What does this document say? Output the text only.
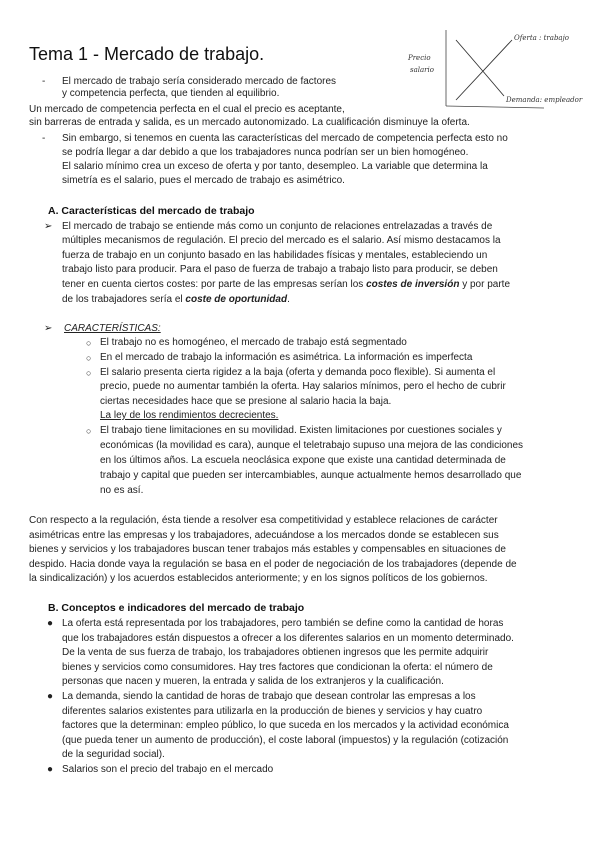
Tema 1 - Mercado de trabajo.	Precio
salario
Oferta : trabajo
Demanda: empleador
- El mercado de trabajo sería considerado mercado de factores

y competencia perfecta, que tienden al equilibrio.

Un mercado de competencia perfecta en el cual el precio es aceptante,

sin barreras de entrada y salida, es un mercado autonomizado. La cualificación disminuye la oferta.

- Sin embargo, si tenemos en cuenta las características del mercado de competencia perfecta esto no

se podría llegar a dar debido a que los trabajadores nunca podrían ser un bien homogéneo.

El salario mínimo crea un exceso de oferta y por tanto, desempleo. La variable que determina la

simetría es el salario, pues el mercado de trabajo es asimétrico.

A. Características del mercado de trabajo
➢ El mercado de trabajo se entiende más como un conjunto de relaciones entrelazadas a través de

múltiples mecanismos de regulación. El precio del mercado es el salario. Así mismo destacamos la

fuerza de trabajo en un conjunto basado en las habilidades físicas y mentales, estableciendo un

trabajo listo para producir. Para el paso de fuerza de trabajo a trabajo listo para producir, se deben

tener en cuenta ciertos costes: por parte de las empresas serían los costes de inversión y por parte

de los trabajadores sería el coste de oportunidad.

➢ CARACTERÍSTICAS:

○ El trabajo no es homogéneo, el mercado de trabajo está segmentado

○ En el mercado de trabajo la información es asimétrica. La información es imperfecta

○ El salario presenta cierta rigidez a la baja (oferta y demanda poco flexible). Si aumenta el

precio, puede no aumentar también la oferta. Hay salarios mínimos, pero el hecho de cubrir

ciertas necesidades hace que se presione al salario hacia la baja.

La ley de los rendimientos decrecientes.

○ El trabajo tiene limitaciones en su movilidad. Existen limitaciones por cuestiones sociales y

económicas (la movilidad es cara), aunque el teletrabajo supuso una mejora de las condiciones

en los últimos años. La escuela neoclásica expone que existe una cantidad determinada de

trabajo y capital que pueden ser intercambiables, aunque actualmente hemos desarrollado que

no es así.

Con respecto a la regulación, ésta tiende a resolver esa competitividad y establece relaciones de carácter

asimétricas entre las empresas y los trabajadores, adecuándose a los mercados donde se establecen sus

bienes y servicios y los trabajadores buscan tener trabajos más estables y compensables en situaciones de

despido. Hacia donde vaya la regulación se basa en el poder de negociación de los trabajadores (depende de

la sindicalización) y los acuerdos establecidos anteriormente; y en los signos políticos de los gobiernos.

B. Conceptos e indicadores del mercado de trabajo
● La oferta está representada por los trabajadores, pero también se define como la cantidad de horas

que los trabajadores están dispuestos a ofrecer a los diferentes salarios en un momento determinado.

De la venta de sus fuerza de trabajo, los trabajadores obtienen ingresos que les permite adquirir

bienes y servicios como consumidores. Hay tres factores que condicionan la oferta: el número de

personas que nacen y mueren, la entrada y salida de los extranjeros y la cualificación.

● La demanda, siendo la cantidad de horas de trabajo que desean controlar las empresas a los

diferentes salarios existentes para utilizarla en la producción de bienes y servicios y hay cuatro

factores que la determinan: empleo público, lo que suceda en los mercados y la actividad económica

(que pueda tener un aumento de producción), el coste laboral (impuestos) y la regulación (cotización

de la seguridad social).

● Salarios son el precio del trabajo en el mercado
